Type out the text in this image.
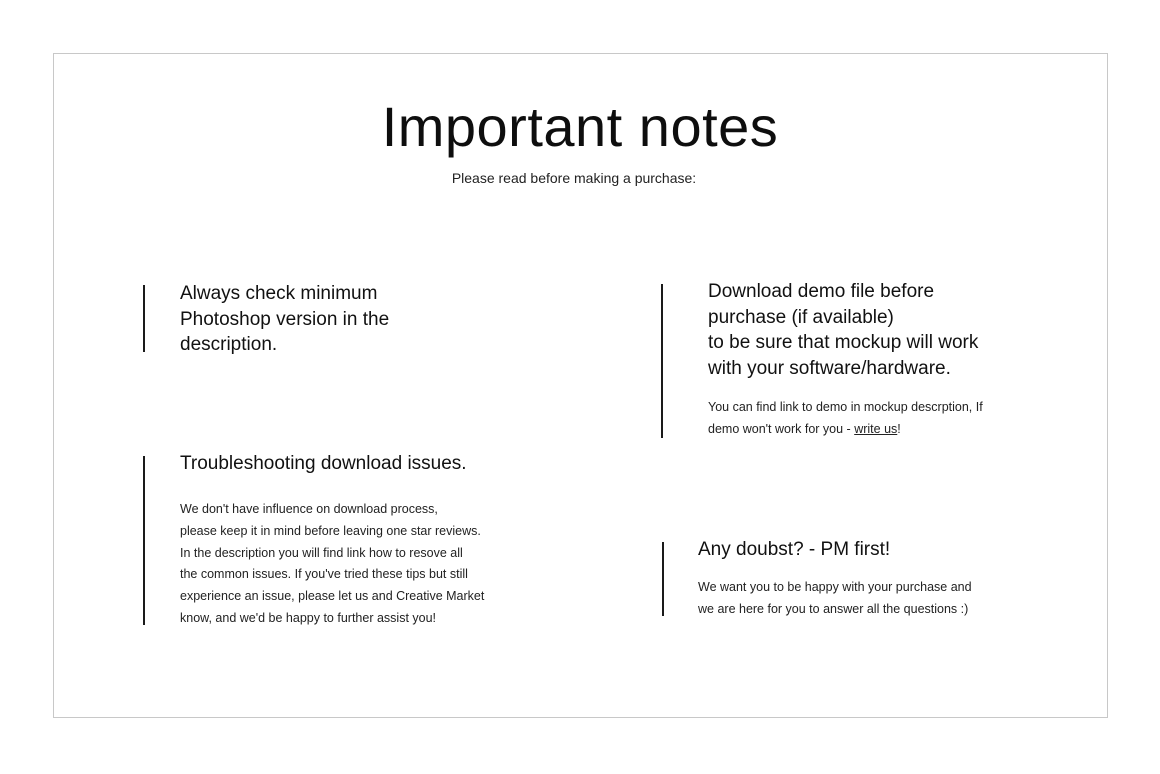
Important notes
Please read before making a purchase:
Always check minimum
Photoshop version in the
description.
Download demo file before
purchase (if available)
to be sure that mockup will work
with your software/hardware.
You can find link to demo in mockup descrption, If
demo won't work for you - write us!
Troubleshooting download issues.
We don't have influence on download process,
please keep it in mind before leaving one star reviews.
In the description you will find link how to resove all
the common issues. If you've tried these tips but still
experience an issue, please let us and Creative Market
know, and we'd be happy to further assist you!
Any doubst? - PM first!
We want you to be happy with your purchase and
we are here for you to answer all the questions :)
